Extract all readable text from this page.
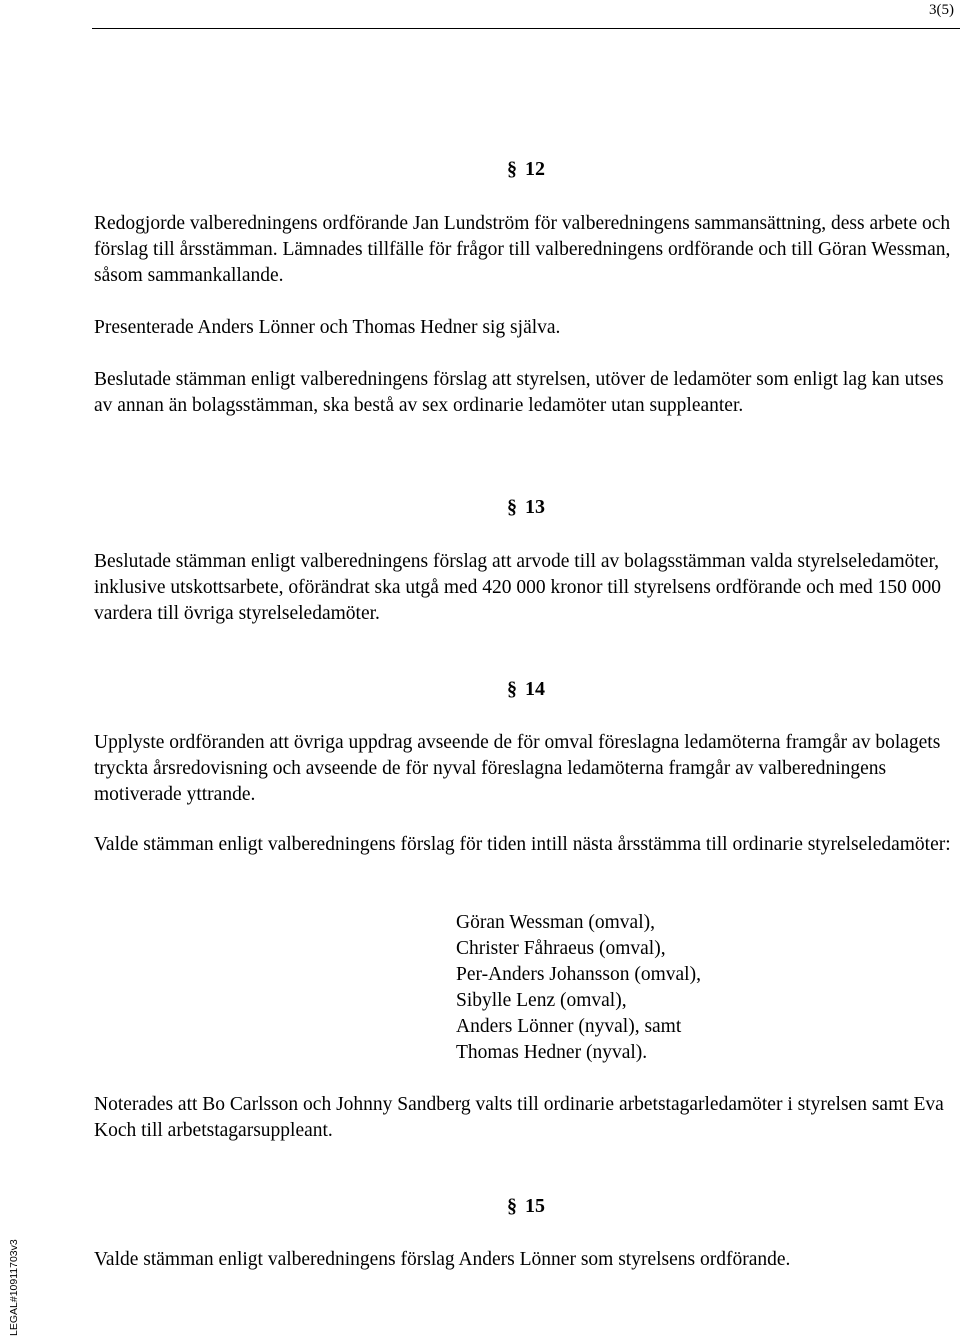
3(5)
§ 12

Redogjorde valberedningens ordförande Jan Lundström för valberedningens sammansättning, dess arbete och förslag till årsstämman. Lämnades tillfälle för frågor till valberedningens ordförande och till Göran Wessman, såsom sammankallande.

Presenterade Anders Lönner och Thomas Hedner sig själva.

Beslutade stämman enligt valberedningens förslag att styrelsen, utöver de ledamöter som enligt lag kan utses av annan än bolagsstämman, ska bestå av sex ordinarie ledamöter utan suppleanter.

§ 13

Beslutade stämman enligt valberedningens förslag att arvode till av bolagsstämman valda styrelseledamöter, inklusive utskottsarbete, oförändrat ska utgå med 420 000 kronor till styrelsens ordförande och med 150 000 vardera till övriga styrelseledamöter.

§ 14

Upplyste ordföranden att övriga uppdrag avseende de för omval föreslagna ledamöterna framgår av bolagets tryckta årsredovisning och avseende de för nyval föreslagna ledamöterna framgår av valberedningens motiverade yttrande.

Valde stämman enligt valberedningens förslag för tiden intill nästa årsstämma till ordinarie styrelseledamöter:

Göran Wessman (omval),
Christer Fåhraeus (omval),
Per-Anders Johansson (omval),
Sibylle Lenz (omval),
Anders Lönner (nyval), samt
Thomas Hedner (nyval).

Noterades att Bo Carlsson och Johnny Sandberg valts till ordinarie arbetstagarledamöter i styrelsen samt Eva Koch till arbetstagarsuppleant.

§ 15

Valde stämman enligt valberedningens förslag Anders Lönner som styrelsens ordförande.

LEGAL#10911703v3
